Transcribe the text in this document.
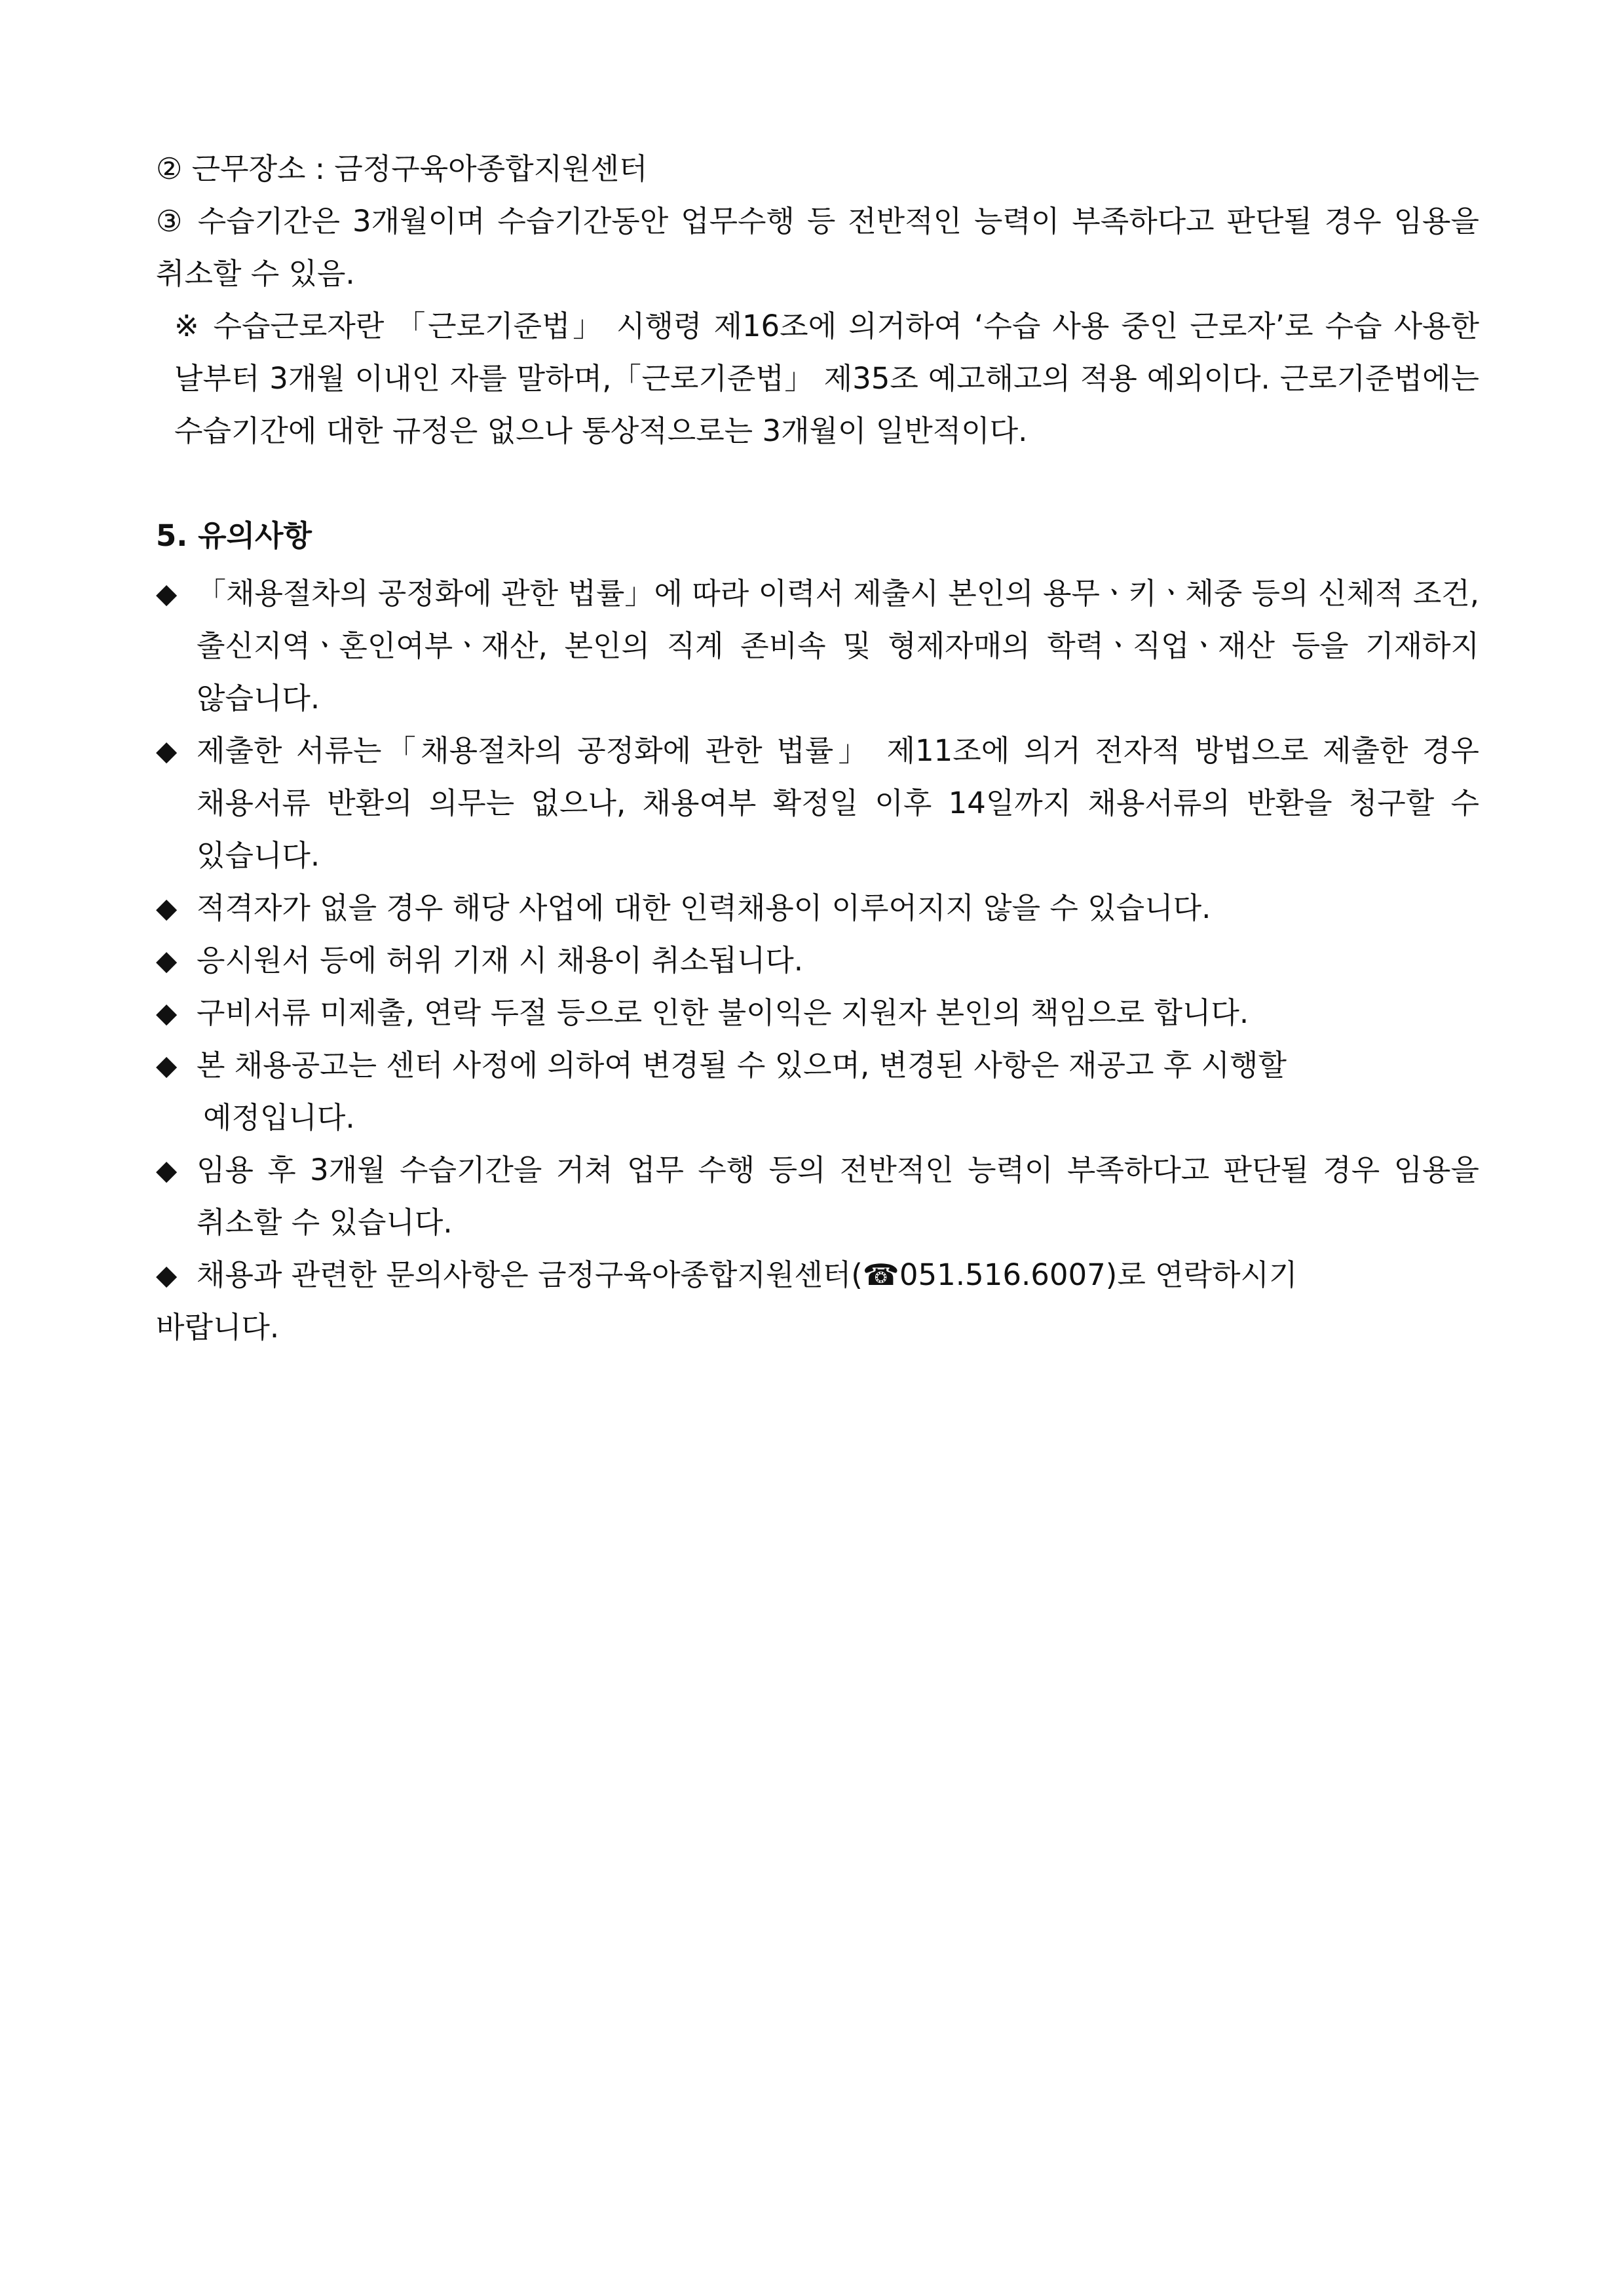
② 근무장소 : 금정구육아종합지원센터

③ 수습기간은 3개월이며 수습기간동안 업무수행 등 전반적인 능력이 부족하다고 판단될 경우 임용을 취소할 수 있음.

※ 수습근로자란 「근로기준법」 시행령 제16조에 의거하여 ‘수습 사용 중인 근로자’로 수습 사용한 날부터 3개월 이내인 자를 말하며,「근로기준법」 제35조 예고해고의 적용 예외이다. 근로기준법에는 수습기간에 대한 규정은 없으나 통상적으로는 3개월이 일반적이다.

5. 유의사항

◆ 「채용절차의 공정화에 관한 법률」에 따라 이력서 제출시 본인의 용무ㆍ키ㆍ체중 등의 신체적 조건, 출신지역ㆍ혼인여부ㆍ재산, 본인의 직계 존비속 및 형제자매의 학력ㆍ직업ㆍ재산 등을 기재하지 않습니다.
◆ 제출한 서류는「채용절차의 공정화에 관한 법률」 제11조에 의거 전자적 방법으로 제출한 경우 채용서류 반환의 의무는 없으나, 채용여부 확정일 이후 14일까지 채용서류의 반환을 청구할 수 있습니다.
◆ 적격자가 없을 경우 해당 사업에 대한 인력채용이 이루어지지 않을 수 있습니다.
◆ 응시원서 등에 허위 기재 시 채용이 취소됩니다.
◆ 구비서류 미제출, 연락 두절 등으로 인한 불이익은 지원자 본인의 책임으로 합니다.
◆ 본 채용공고는 센터 사정에 의하여 변경될 수 있으며, 변경된 사항은 재공고 후 시행할
예정입니다.
◆ 임용 후 3개월 수습기간을 거쳐 업무 수행 등의 전반적인 능력이 부족하다고 판단될 경우 임용을 취소할 수 있습니다.
◆ 채용과 관련한 문의사항은 금정구육아종합지원센터(☎051.516.6007)로 연락하시기

바랍니다.
